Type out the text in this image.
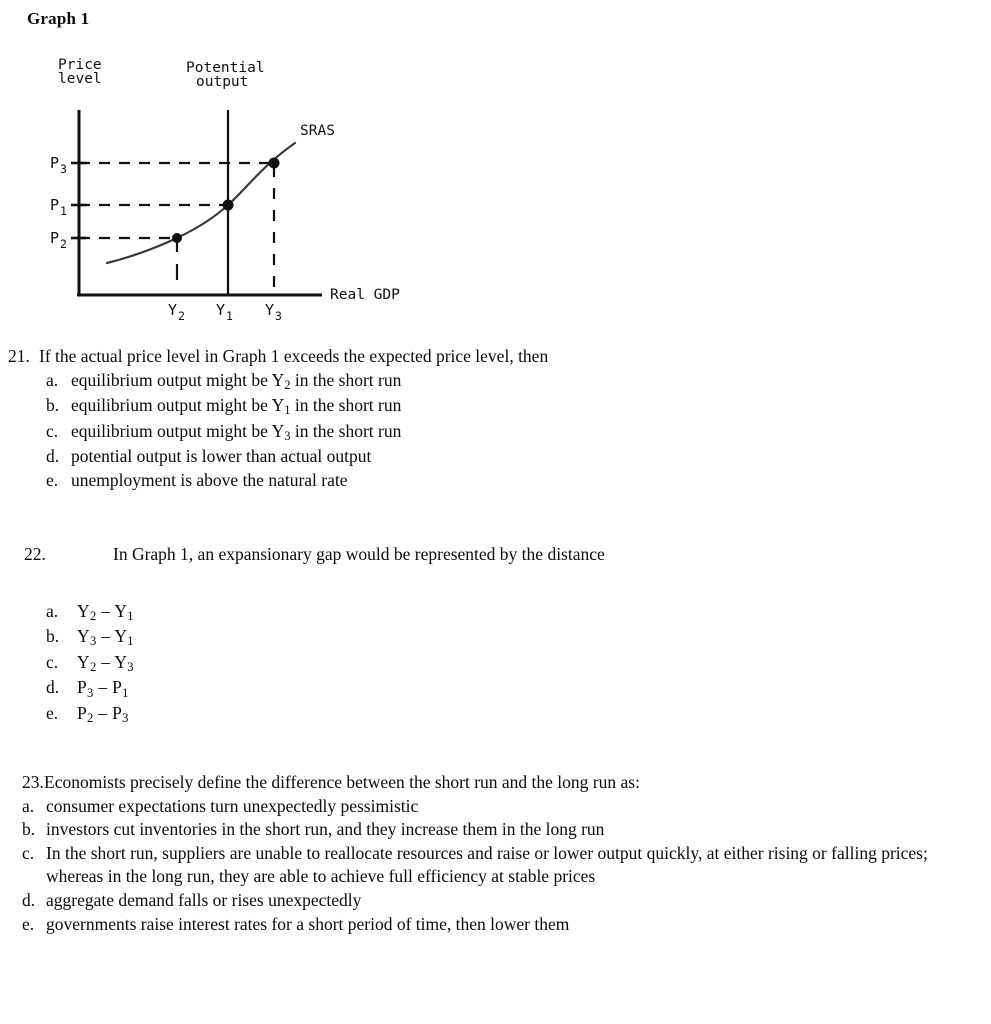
Graph 1
Price
level
Real GDP
Potential
output
SRAS
P 3
P 1
P 2
Y 2 Y 1 Y 3
21. If the actual price level in Graph 1 exceeds the expected price level, then
a. equilibrium output might be $Y_2$ in the short run
b. equilibrium output might be $Y_1$ in the short run
c. equilibrium output might be $Y_3$ in the short run
d. potential output is lower than actual output
e. unemployment is above the natural rate
22.	In Graph 1, an expansionary gap would be represented by the distance
a.	$Y_2 - Y_1$
b.	$Y_3 - Y_1$
c.	$Y_2 - Y_3$
d.	$P_3 - P_1$
e.	$P_2 - P_3$
23. Economists precisely define the difference between the short run and the long run as:
a. consumer expectations turn unexpectedly pessimistic
b. investors cut inventories in the short run, and they increase them in the long run
c. In the short run, suppliers are unable to reallocate resources and raise or lower output quickly, at either rising or falling prices; whereas in the long run, they are able to achieve full efficiency at stable prices
d. aggregate demand falls or rises unexpectedly
e. governments raise interest rates for a short period of time, then lower them
